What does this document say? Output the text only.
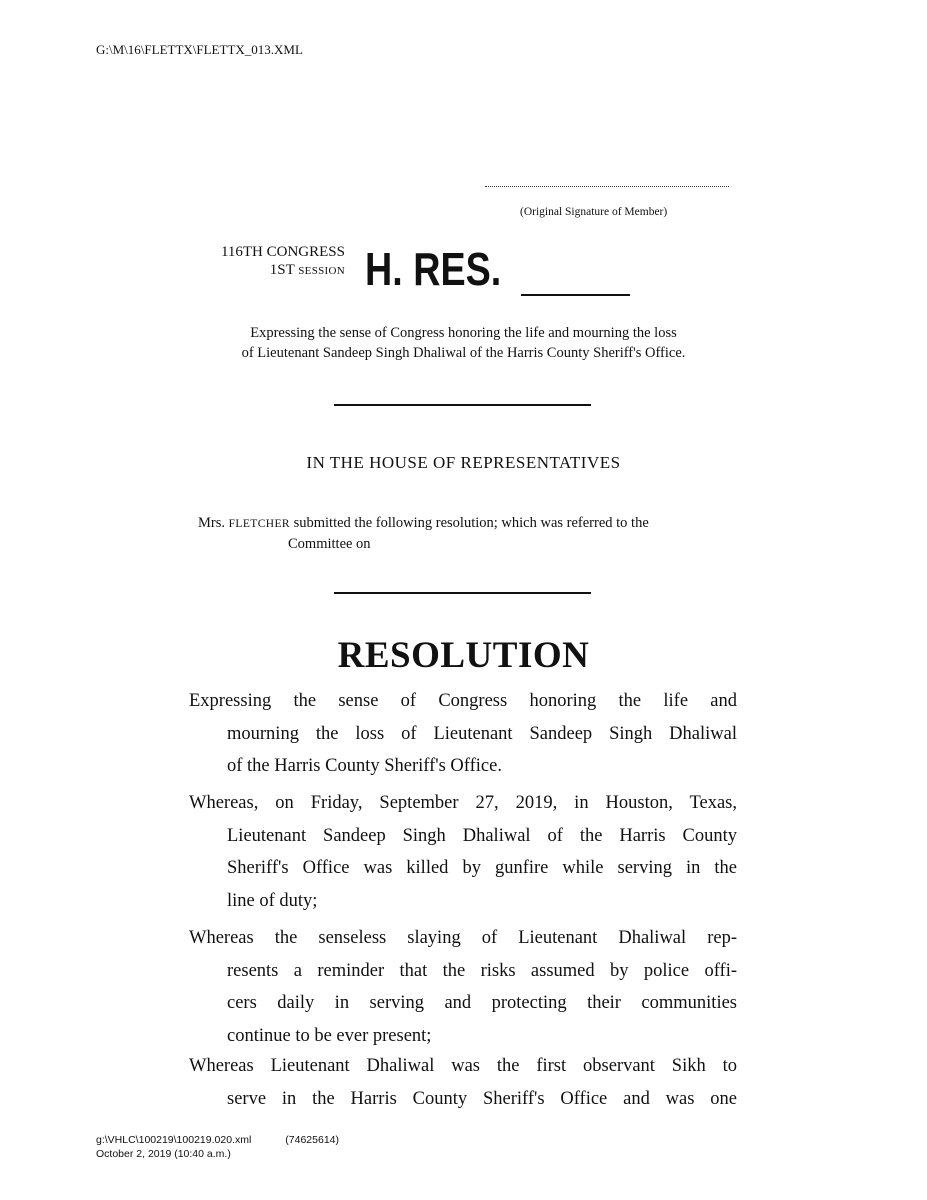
G:\M\16\FLETTX\FLETTX_013.XML
(Original Signature of Member)
116TH CONGRESS
1ST SESSION H. RES.
Expressing the sense of Congress honoring the life and mourning the loss
of Lieutenant Sandeep Singh Dhaliwal of the Harris County Sheriff's Office.
IN THE HOUSE OF REPRESENTATIVES
Mrs. FLETCHER submitted the following resolution; which was referred to the
Committee on
RESOLUTION
Expressing the sense of Congress honoring the life and
mourning the loss of Lieutenant Sandeep Singh Dhaliwal
of the Harris County Sheriff's Office.
Whereas, on Friday, September 27, 2019, in Houston, Texas,
Lieutenant Sandeep Singh Dhaliwal of the Harris County
Sheriff's Office was killed by gunfire while serving in the
line of duty;
Whereas the senseless slaying of Lieutenant Dhaliwal rep-
resents a reminder that the risks assumed by police offi-
cers daily in serving and protecting their communities
continue to be ever present;
Whereas Lieutenant Dhaliwal was the first observant Sikh to
serve in the Harris County Sheriff's Office and was one
g:\VHLC\100219\100219.020.xml	(74625614)
October 2, 2019 (10:40 a.m.)
